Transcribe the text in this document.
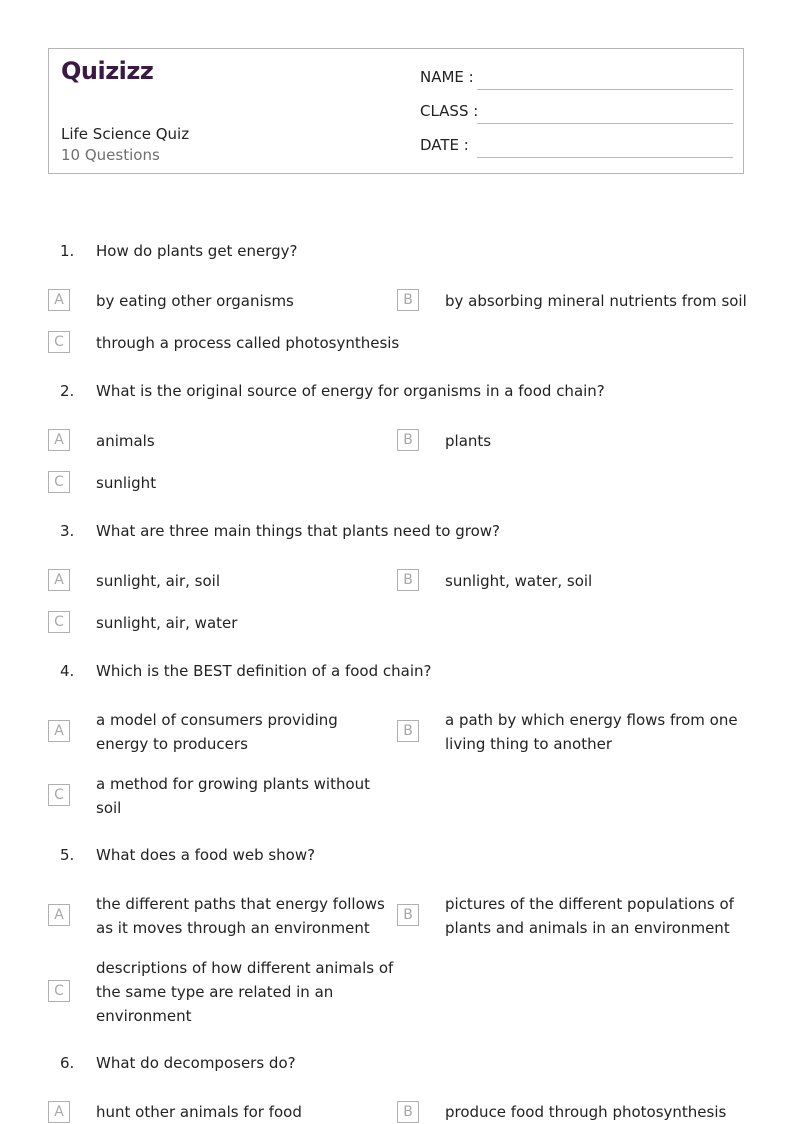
Quizizz
Life Science Quiz
10 Questions
NAME :
CLASS :
DATE :
1. How do plants get energy?
A	by eating other organisms	B	by absorbing mineral nutrients from soil
C	through a process called photosynthesis
2. What is the original source of energy for organisms in a food chain?
A	animals	B	plants
C	sunlight
3. What are three main things that plants need to grow?
A	sunlight, air, soil	B	sunlight, water, soil
C	sunlight, air, water
4. Which is the BEST definition of a food chain?
A
a model of consumers providing energy to producers
B
a path by which energy flows from one living thing to another
C
a method for growing plants without soil
5. What does a food web show?
A
the different paths that energy follows as it moves through an environment
B
pictures of the different populations of plants and animals in an environment
C
descriptions of how different animals of the same type are related in an environment
6. What do decomposers do?
A	hunt other animals for food	B	produce food through photosynthesis
